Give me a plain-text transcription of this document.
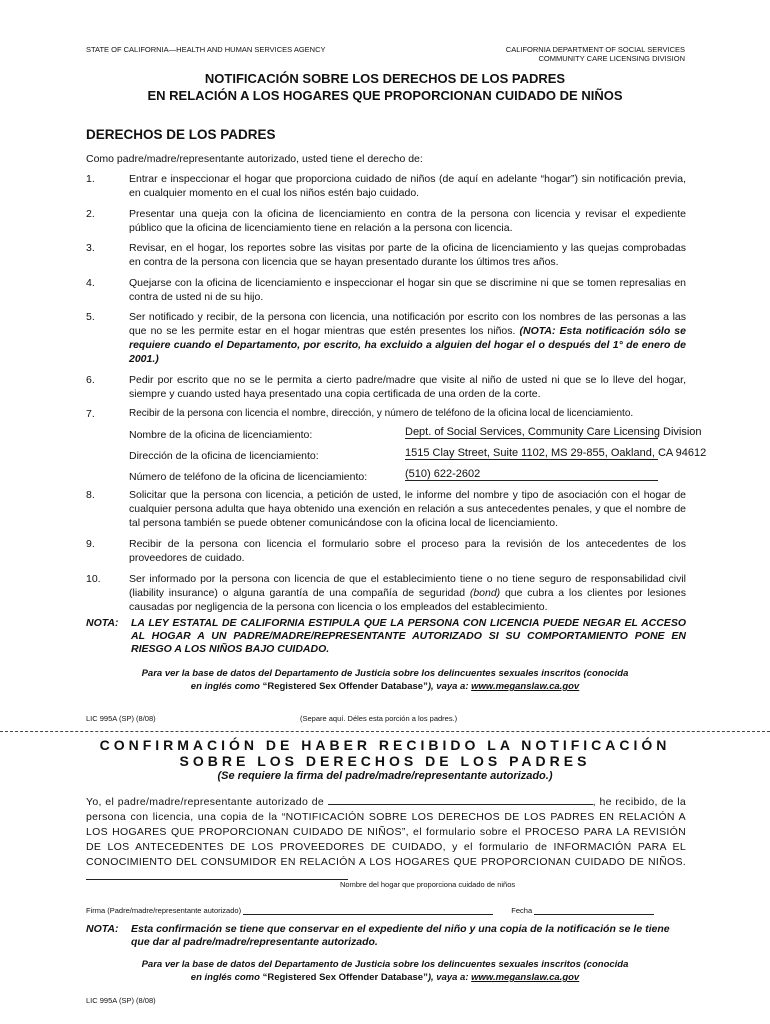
STATE OF CALIFORNIA—HEALTH AND HUMAN SERVICES AGENCY	CALIFORNIA DEPARTMENT OF SOCIAL SERVICES
COMMUNITY CARE LICENSING DIVISION
NOTIFICACIÓN SOBRE LOS DERECHOS DE LOS PADRES
EN RELACIÓN A LOS HOGARES QUE PROPORCIONAN CUIDADO DE NIÑOS
DERECHOS DE LOS PADRES
Como padre/madre/representante autorizado, usted tiene el derecho de:
1.	Entrar e inspeccionar el hogar que proporciona cuidado de niños (de aquí en adelante “hogar”) sin notificación previa, en cualquier momento en el cual los niños estén bajo cuidado.
2.	Presentar una queja con la oficina de licenciamiento en contra de la persona con licencia y revisar el expediente público que la oficina de licenciamiento tiene en relación a la persona con licencia.
3.	Revisar, en el hogar, los reportes sobre las visitas por parte de la oficina de licenciamiento y las quejas comprobadas en contra de la persona con licencia que se hayan presentado durante los últimos tres años.
4.	Quejarse con la oficina de licenciamiento e inspeccionar el hogar sin que se discrimine ni que se tomen represalias en contra de usted ni de su hijo.
5.	Ser notificado y recibir, de la persona con licencia, una notificación por escrito con los nombres de las personas a las que no se les permite estar en el hogar mientras que estén presentes los niños. (NOTA: Esta notificación sólo se requiere cuando el Departamento, por escrito, ha excluido a alguien del hogar el o después del 1° de enero de 2001.)
6.	Pedir por escrito que no se le permita a cierto padre/madre que visite al niño de usted ni que se lo lleve del hogar, siempre y cuando usted haya presentado una copia certificada de una orden de la corte.
7.	Recibir de la persona con licencia el nombre, dirección, y número de teléfono de la oficina local de licenciamiento.
Nombre de la oficina de licenciamiento:	Dept. of Social Services, Community Care Licensing Division
Dirección de la oficina de licenciamiento:	1515 Clay Street, Suite 1102, MS 29-855, Oakland, CA 94612
Número de teléfono de la oficina de licenciamiento:	(510) 622-2602
8.	Solicitar que la persona con licencia, a petición de usted, le informe del nombre y tipo de asociación con el hogar de cualquier persona adulta que haya obtenido una exención en relación a sus antecedentes penales, y que el nombre de tal persona también se puede obtener comunicándose con la oficina local de licenciamiento.
9.	Recibir de la persona con licencia el formulario sobre el proceso para la revisión de los antecedentes de los proveedores de cuidado.
10.	Ser informado por la persona con licencia de que el establecimiento tiene o no tiene seguro de responsabilidad civil (liability insurance) o alguna garantía de una compañía de seguridad (bond) que cubra a los clientes por lesiones causadas por negligencia de la persona con licencia o los empleados del establecimiento.
NOTA: LA LEY ESTATAL DE CALIFORNIA ESTIPULA QUE LA PERSONA CON LICENCIA PUEDE NEGAR EL ACCESO AL HOGAR A UN PADRE/MADRE/REPRESENTANTE AUTORIZADO SI SU COMPORTAMIENTO PONE EN RIESGO A LOS NIÑOS BAJO CUIDADO.
Para ver la base de datos del Departamento de Justicia sobre los delincuentes sexuales inscritos (conocida
en inglés como “Registered Sex Offender Database”), vaya a: www.meganslaw.ca.gov
LIC 995A (SP) (8/08)	(Separe aquí. Déles esta porción a los padres.)
CONFIRMACIÓN DE HABER RECIBIDO LA NOTIFICACIÓN
SOBRE LOS DERECHOS DE LOS PADRES
(Se requiere la firma del padre/madre/representante autorizado.)
Yo, el padre/madre/representante autorizado de	, he recibido, de la persona con licencia, una copia de la “NOTIFICACIÓN SOBRE LOS DERECHOS DE LOS PADRES EN RELACIÓN A LOS HOGARES QUE PROPORCIONAN CUIDADO DE NIÑOS”, el formulario sobre el PROCESO PARA LA REVISIÓN DE LOS ANTECEDENTES DE LOS PROVEEDORES DE CUIDADO, y el formulario de INFORMACIÓN PARA EL CONOCIMIENTO DEL CONSUMIDOR EN RELACIÓN A LOS HOGARES QUE PROPORCIONAN CUIDADO DE NIÑOS.
Nombre del hogar que proporciona cuidado de niños
Firma (Padre/madre/representante autorizado)	Fecha
NOTA: Esta confirmación se tiene que conservar en el expediente del niño y una copia de la notificación se le tiene que dar al padre/madre/representante autorizado.
Para ver la base de datos del Departamento de Justicia sobre los delincuentes sexuales inscritos (conocida
en inglés como “Registered Sex Offender Database”), vaya a: www.meganslaw.ca.gov
LIC 995A (SP) (8/08)
